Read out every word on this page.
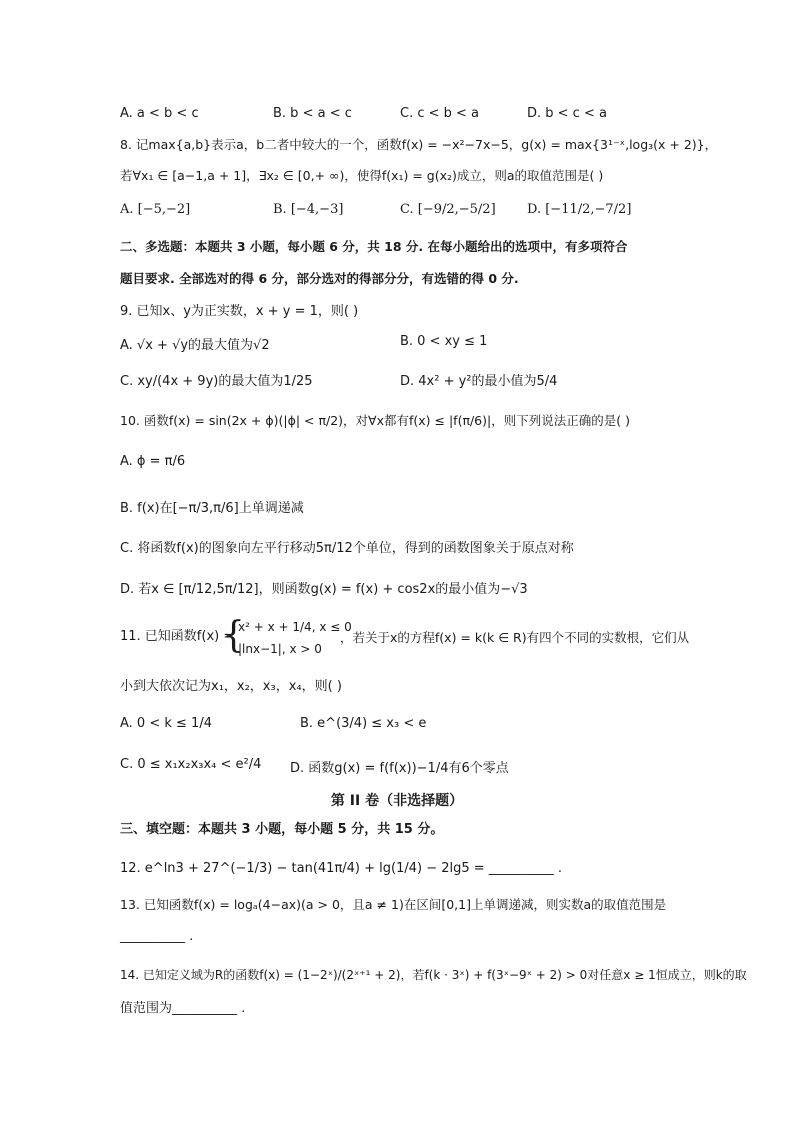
A. a < b < c	B. b < a < c	C. c < b < a	D. b < c < a
8. 记max{a,b}表示a，b二者中较大的一个，函数f(x) = −x²−7x−5，g(x) = max{3¹⁻ˣ,log₃(x + 2)}，
若∀x₁ ∈ [a−1,a + 1]，∃x₂ ∈ [0,+ ∞)，使得f(x₁) = g(x₂)成立，则a的取值范围是( )
A. [−5,−2]	B. [−4,−3]	C. [−9/2,−5/2] D. [−11/2,−7/2]
二、多选题：本题共 3 小题，每小题 6 分，共 18 分. 在每小题给出的选项中，有多项符合
题目要求. 全部选对的得 6 分，部分选对的得部分分，有选错的得 0 分.
9. 已知x、y为正实数，x + y = 1，则( )
A. √x + √y的最大值为√2	B. 0 < xy ≤ 1
C. xy/(4x + 9y)的最大值为1/25	D. 4x² + y²的最小值为5/4
10. 函数f(x) = sin(2x + ϕ)(|ϕ| < π/2)，对∀x都有f(x) ≤ |f(π/6)|，则下列说法正确的是( )
A. ϕ = π/6
B. f(x)在[−π/3,π/6]上单调递减
C. 将函数f(x)的图象向左平行移动5π/12个单位，得到的函数图象关于原点对称
D. 若x ∈ [π/12,5π/12]，则函数g(x) = f(x) + cos2x的最小值为−√3
11. 已知函数f(x) =
{
x² + x + 1/4, x ≤ 0
|lnx−1|, x > 0
，若关于x的方程f(x) = k(k ∈ R)有四个不同的实数根，它们从
小到大依次记为x₁，x₂，x₃，x₄，则( )
A. 0 < k ≤ 1/4	B. e^(3/4) ≤ x₃ < e
C. 0 ≤ x₁x₂x₃x₄ < e²/4 D. 函数g(x) = f(f(x))−1/4有6个零点
第 II 卷（非选择题）
三、填空题：本题共 3 小题，每小题 5 分，共 15 分。
12. e^ln3 + 27^(−1/3) − tan(41π/4) + lg(1/4) − 2lg5 = __________ .
13. 已知函数f(x) = logₐ(4−ax)(a > 0，且a ≠ 1)在区间[0,1]上单调递减，则实数a的取值范围是
__________ .
14. 已知定义域为R的函数f(x) = (1−2ˣ)/(2ˣ⁺¹ + 2)，若f(k · 3ˣ) + f(3ˣ−9ˣ + 2) > 0对任意x ≥ 1恒成立，则k的取
值范围为__________ .
